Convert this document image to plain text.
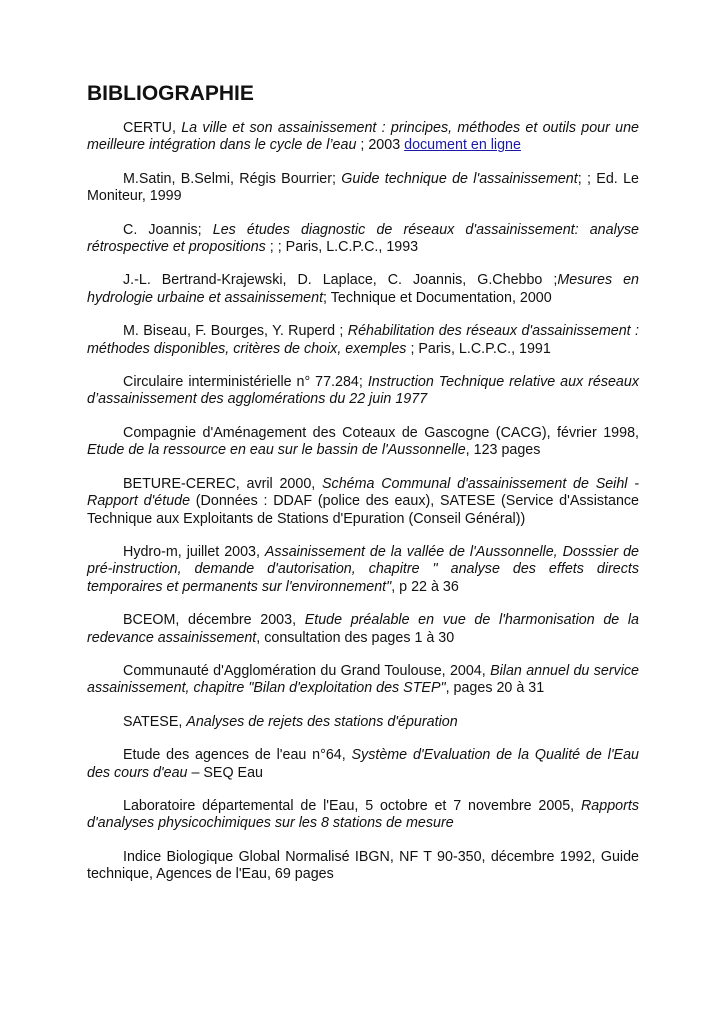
BIBLIOGRAPHIE

CERTU, La ville et son assainissement : principes, méthodes et outils pour une meilleure intégration dans le cycle de l’eau ; 2003 document en ligne

M.Satin, B.Selmi, Régis Bourrier; Guide technique de l'assainissement; ; Ed. Le Moniteur, 1999

C. Joannis; Les études diagnostic de réseaux d'assainissement: analyse rétrospective et propositions ; ; Paris, L.C.P.C., 1993

J.-L. Bertrand-Krajewski, D. Laplace, C. Joannis, G.Chebbo ;Mesures en hydrologie urbaine et assainissement; Technique et Documentation, 2000

M. Biseau, F. Bourges, Y. Ruperd ; Réhabilitation des réseaux d'assainissement : méthodes disponibles, critères de choix, exemples ; Paris, L.C.P.C., 1991

Circulaire interministérielle n° 77.284; Instruction Technique relative aux réseaux d’assainissement des agglomérations du 22 juin 1977

Compagnie d'Aménagement des Coteaux de Gascogne (CACG), février 1998, Etude de la ressource en eau sur le bassin de l'Aussonnelle, 123 pages

BETURE-CEREC, avril 2000, Schéma Communal d'assainissement de Seihl - Rapport d'étude (Données : DDAF (police des eaux), SATESE (Service d'Assistance Technique aux Exploitants de Stations d'Epuration (Conseil Général))

Hydro-m, juillet 2003, Assainissement de la vallée de l'Aussonnelle, Dosssier de pré-instruction, demande d'autorisation, chapitre " analyse des effets directs temporaires et permanents sur l'environnement", p 22 à 36

BCEOM, décembre 2003, Etude préalable en vue de l'harmonisation de la redevance assainissement, consultation des pages 1 à 30

Communauté d'Agglomération du Grand Toulouse, 2004, Bilan annuel du service assainissement, chapitre "Bilan d'exploitation des STEP", pages 20 à 31

SATESE, Analyses de rejets des stations d'épuration

Etude des agences de l'eau n°64, Système d'Evaluation de la Qualité de l'Eau des cours d'eau – SEQ Eau

Laboratoire départemental de l'Eau, 5 octobre et 7 novembre 2005, Rapports d'analyses physicochimiques sur les 8 stations de mesure

Indice Biologique Global Normalisé IBGN, NF T 90-350, décembre 1992, Guide technique, Agences de l'Eau, 69 pages
